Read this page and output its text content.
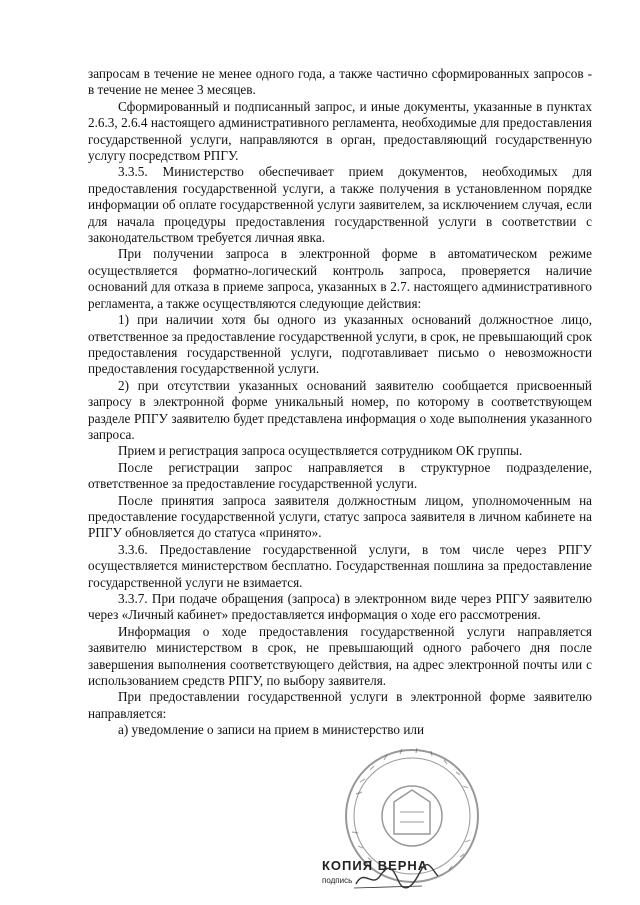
запросам в течение не менее одного года, а также частично сформированных запросов - в течение не менее 3 месяцев.

Сформированный и подписанный запрос, и иные документы, указанные в пунктах 2.6.3, 2.6.4 настоящего административного регламента, необходимые для предоставления государственной услуги, направляются в орган, предоставляющий государственную услугу посредством РПГУ.

3.3.5. Министерство обеспечивает прием документов, необходимых для предоставления государственной услуги, а также получения в установленном порядке информации об оплате государственной услуги заявителем, за исключением случая, если для начала процедуры предоставления государственной услуги в соответствии с законодательством требуется личная явка.

При получении запроса в электронной форме в автоматическом режиме осуществляется форматно-логический контроль запроса, проверяется наличие оснований для отказа в приеме запроса, указанных в 2.7. настоящего административного регламента, а также осуществляются следующие действия:

1) при наличии хотя бы одного из указанных оснований должностное лицо, ответственное за предоставление государственной услуги, в срок, не превышающий срок предоставления государственной услуги, подготавливает письмо о невозможности предоставления государственной услуги.

2) при отсутствии указанных оснований заявителю сообщается присвоенный запросу в электронной форме уникальный номер, по которому в соответствующем разделе РПГУ заявителю будет представлена информация о ходе выполнения указанного запроса.

Прием и регистрация запроса осуществляется сотрудником ОК группы.

После регистрации запрос направляется в структурное подразделение, ответственное за предоставление государственной услуги.

После принятия запроса заявителя должностным лицом, уполномоченным на предоставление государственной услуги, статус запроса заявителя в личном кабинете на РПГУ обновляется до статуса «принято».

3.3.6. Предоставление государственной услуги, в том числе через РПГУ осуществляется министерством бесплатно. Государственная пошлина за предоставление государственной услуги не взимается.

3.3.7. При подаче обращения (запроса) в электронном виде через РПГУ заявителю через «Личный кабинет» предоставляется информация о ходе его рассмотрения.

Информация о ходе предоставления государственной услуги направляется заявителю министерством в срок, не превышающий одного рабочего дня после завершения выполнения соответствующего действия, на адрес электронной почты или с использованием средств РПГУ, по выбору заявителя.

При предоставлении государственной услуги в электронной форме заявителю направляется:

а) уведомление о записи на прием в министерство или

КОПИЯ ВЕРНА
подпись
